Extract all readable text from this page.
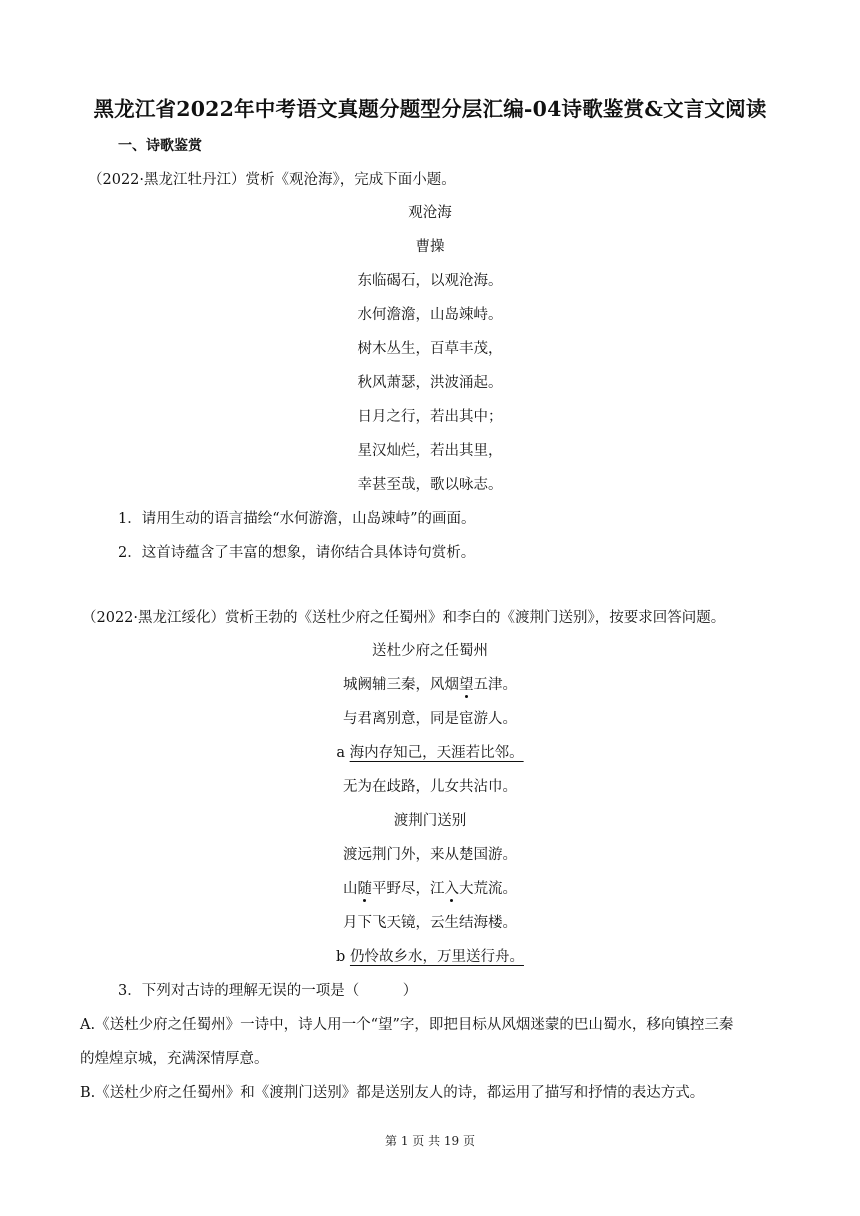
黑龙江省2022年中考语文真题分题型分层汇编-04诗歌鉴赏&文言文阅读
一、诗歌鉴赏
（2022·黑龙江牡丹江）赏析《观沧海》，完成下面小题。
观沧海
曹操
东临碣石，以观沧海。
水何澹澹，山岛竦峙。
树木丛生，百草丰茂，
秋风萧瑟，洪波涌起。
日月之行，若出其中；
星汉灿烂，若出其里，
幸甚至哉，歌以咏志。
1．请用生动的语言描绘“水何游澹，山岛竦峙”的画面。
2．这首诗蕴含了丰富的想象，请你结合具体诗句赏析。
（2022·黑龙江绥化）赏析王勃的《送杜少府之任蜀州》和李白的《渡荆门送别》，按要求回答问题。
送杜少府之任蜀州
城阙辅三秦，风烟望五津。
与君离别意，同是宦游人。
a 海内存知己，天涯若比邻。
无为在歧路，儿女共沾巾。
渡荆门送别
渡远荆门外，来从楚国游。
山随平野尽，江入大荒流。
月下飞天镜，云生结海楼。
b 仍怜故乡水，万里送行舟。
3．下列对古诗的理解无误的一项是（　　　）
A.《送杜少府之任蜀州》一诗中，诗人用一个“望”字，即把目标从风烟迷蒙的巴山蜀水，移向镇控三秦
的煌煌京城，充满深情厚意。
B.《送杜少府之任蜀州》和《渡荆门送别》都是送别友人的诗，都运用了描写和抒情的表达方式。
第 1 页 共 19 页
